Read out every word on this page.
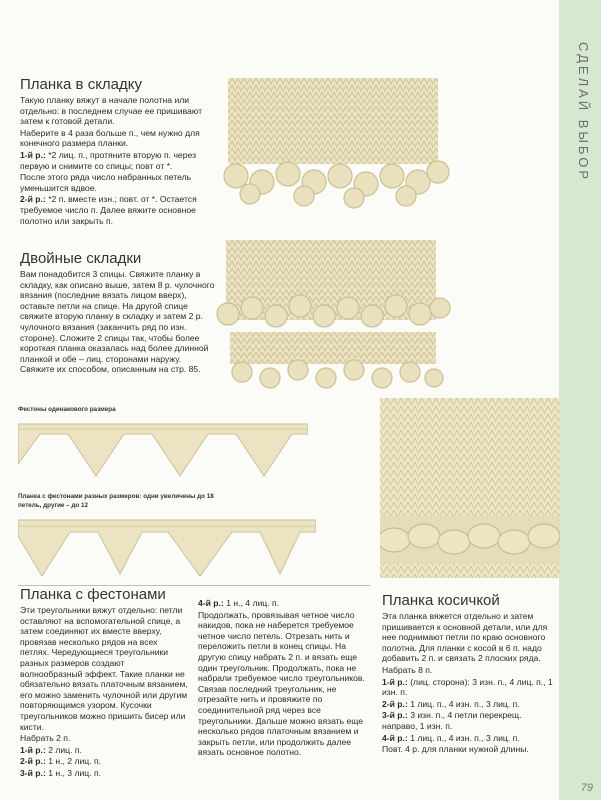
СДЕЛАЙ ВЫБОР
Планка в складку

Такую планку вяжут в начале полотна или отдельно: в последнем случае ее пришивают затем к готовой детали.

Наберите в 4 раза больше п., чем нужно для конечного размера планки.

1-й р.: *2 лиц. п., протяните вторую п. через первую и снимите со спицы; повт от *.

После этого ряда число набранных петель уменьшится вдвое.

2-й р.: *2 п. вместе изн.; повт. от *. Остается требуемое число п. Далее вяжите основное полотно или закрыть п.

Двойные складки

Вам понадобится 3 спицы. Свяжите планку в складку, как описано выше, затем 8 р. чулочного вязания (последние вязать лицом вверх), оставьте петли на спице. На другой спице свяжите вторую планку в складку и затем 2 р. чулочного вязания (заканчить ряд по изн. стороне). Сложите 2 спицы так, чтобы более короткая планка оказалась над более длинной планкой и обе – лиц. сторонами наружу. Свяжите их способом, описанным на стр. 85.

Фестоны одинакового размера
Планка с фестонами разных размеров: одни увеличены до 18 петель, другие – до 12
Планка с фестонами

Эти треугольники вяжут отдельно: петли оставляют на вспомогательной спице, а затем соединяют их вместе вверху, провязав несколько рядов на всех петлях. Чередующиеся треугольники разных размеров создают волнообразный эффект. Такие планки не обязательно вязать платочным вязанием, его можно заменить чулочной или другим повторяющимся узором. Кусочки треугольников можно пришить бисер или кисти.

Набрать 2 п.

1-й р.: 2 лиц. п.

2-й р.: 1 н., 2 лиц. п.

3-й р.: 1 н., 3 лиц. п.

4-й р.: 1 н., 4 лиц. п.

Продолжать, провязывая четное число накидов, пока не наберется требуемое четное число петель. Отрезать нить и переложить петли в конец спицы. На другую спицу набрать 2 п. и вязать еще один треугольник. Продолжать, пока не набрали требуемое число треугольников. Связав последний треугольник, не отрезайте нить и провяжите по соединительной ряд через все треугольники. Дальше можно вязать еще несколько рядов платочным вязанием и закрыть петли, или продолжить далее вязать основное полотно.

Планка косичкой

Эта планка вяжется отдельно и затем пришивается к основной детали, или для нее поднимают петли по краю основного полотна. Для планки с косой в 6 п. надо добавить 2 п. и связать 2 плоских ряда.

Набрать 8 п.

1-й р.: (лиц. сторона): 3 изн. п., 4 лиц. п., 1 изн. п.

2-й р.: 1 лиц. п., 4 изн. п., 3 лиц. п.

3-й р.: 3 изн. п., 4 петли перекрещ. направо, 1 изн. п.

4-й р.: 1 лиц. п., 4 изн. п., 3 лиц. п.

Повт. 4 р. для планки нужной длины.

79
